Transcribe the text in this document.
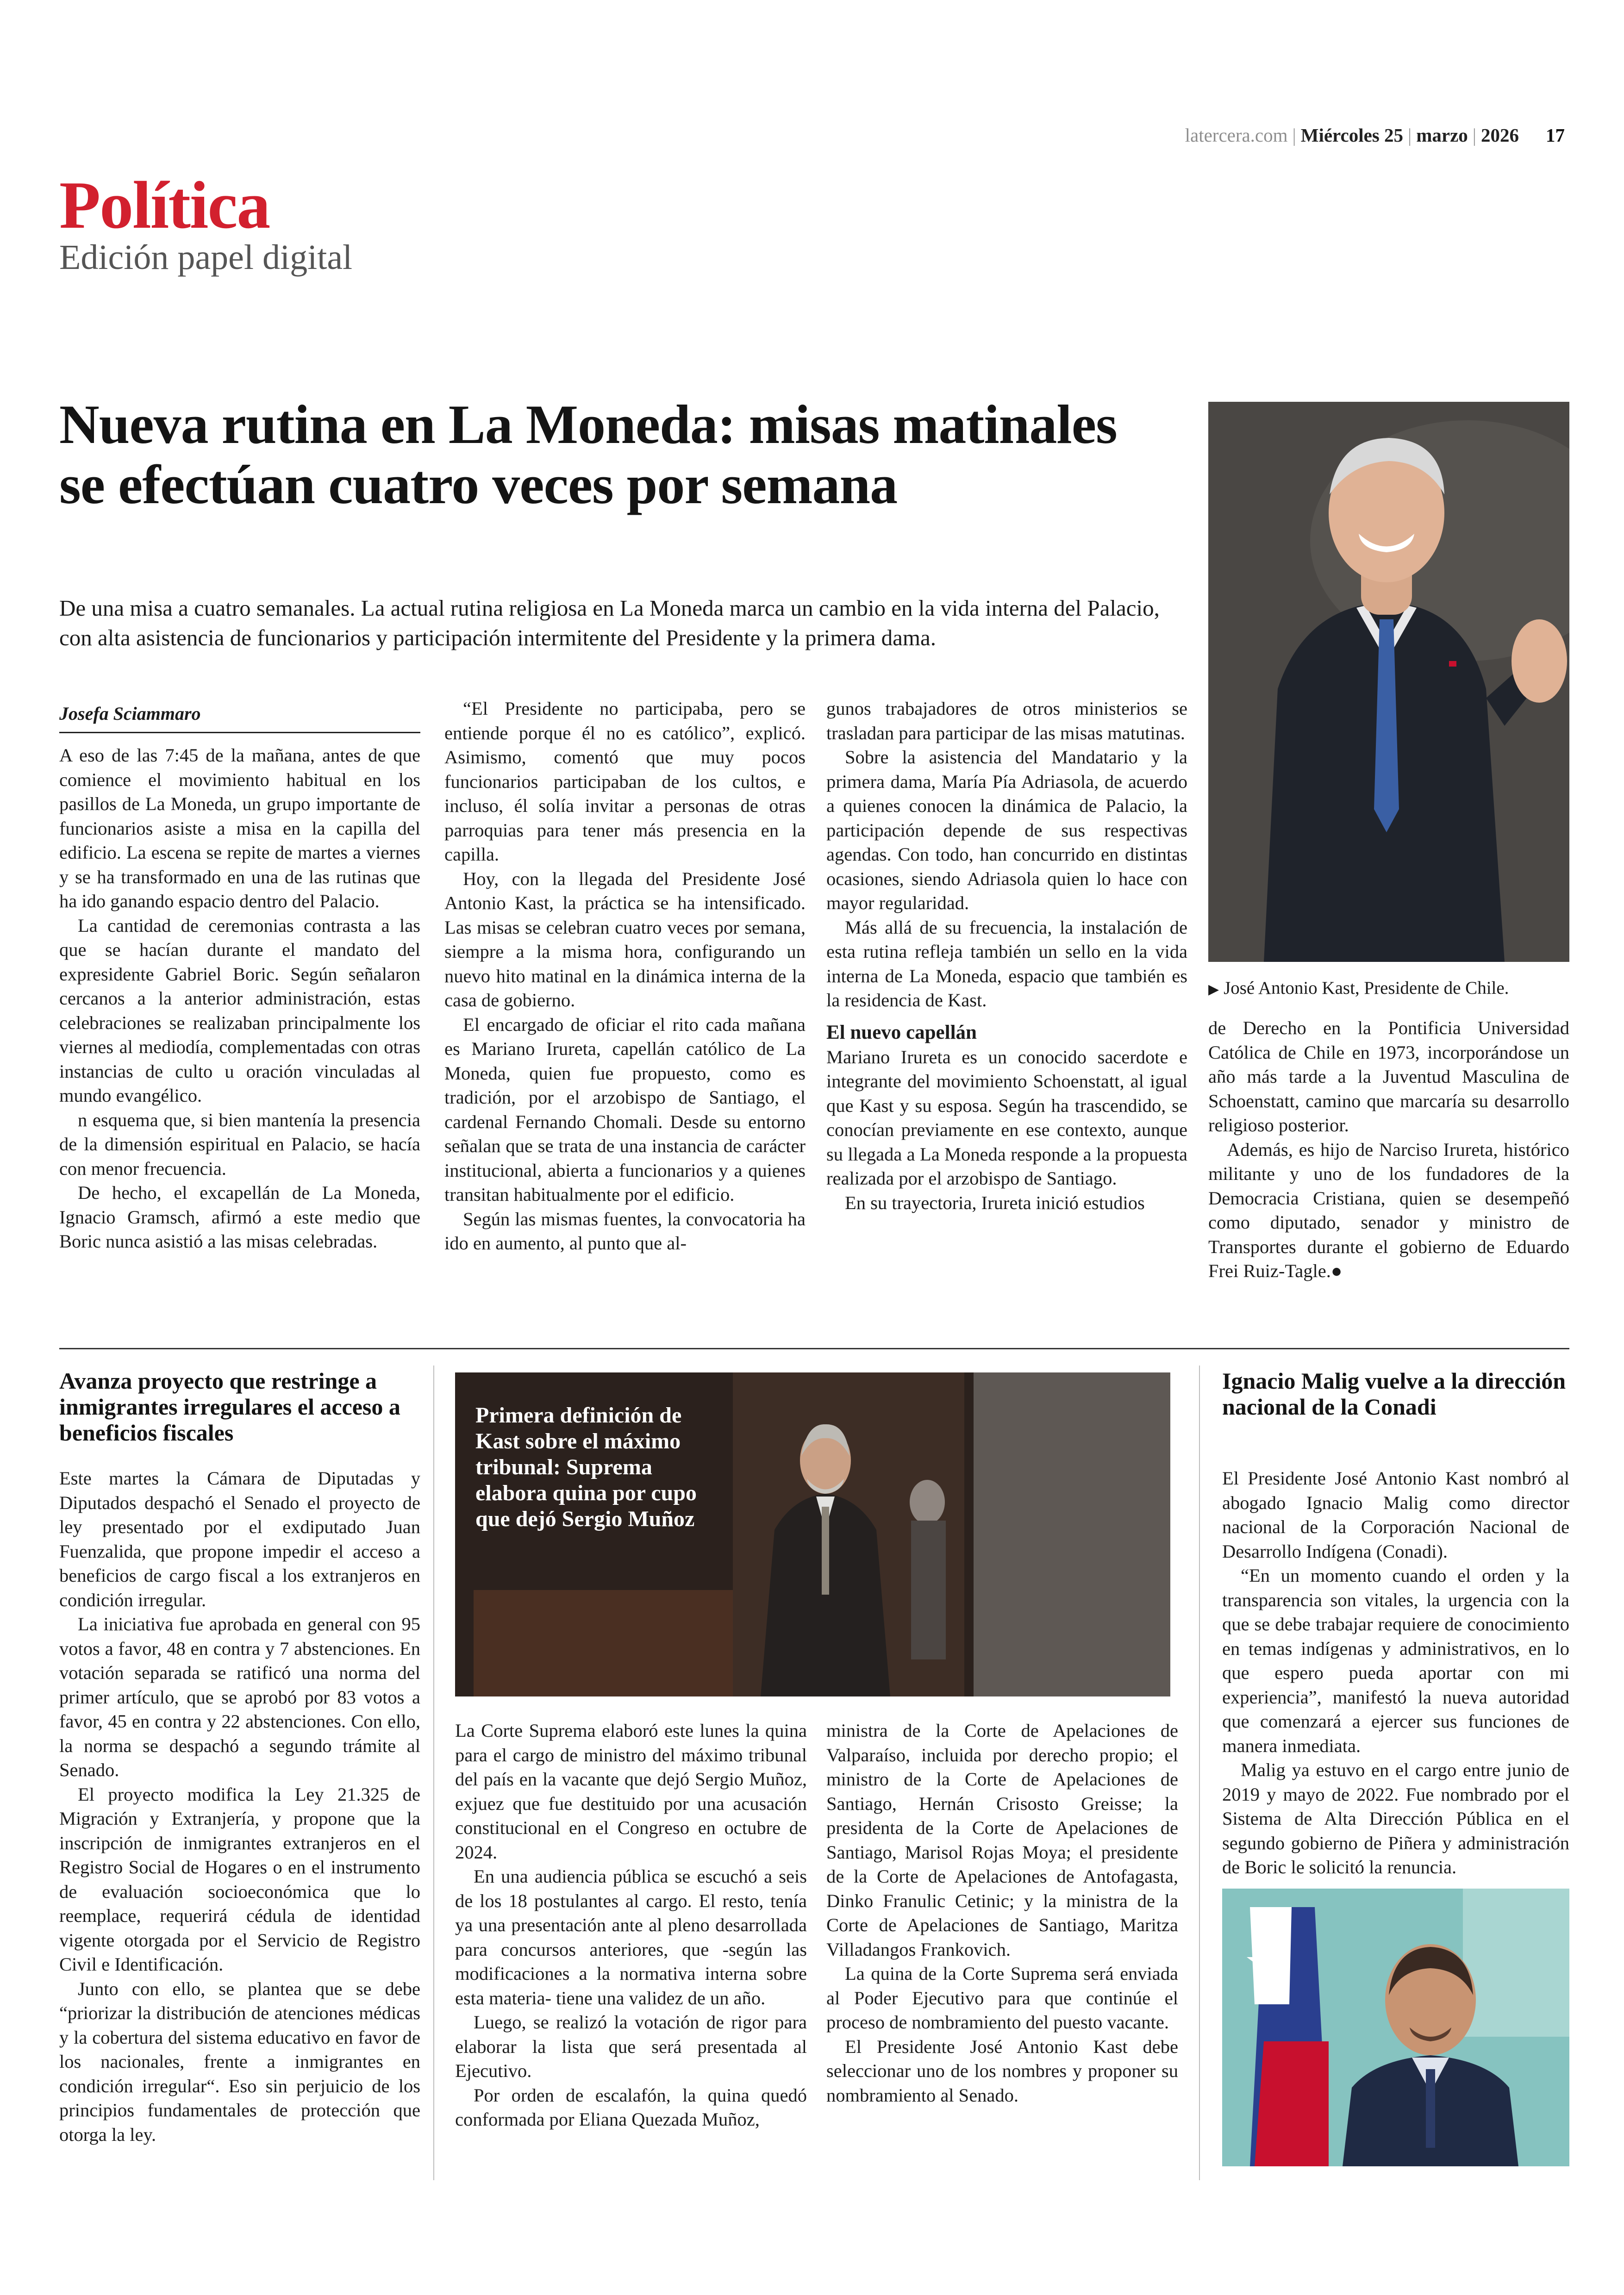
latercera.com | Miércoles 25 | marzo | 2026 17
Política
Edición papel digital
Nueva rutina en La Moneda: misas matinales se efectúan cuatro veces por semana
De una misa a cuatro semanales. La actual rutina religiosa en La Moneda marca un cambio en la vida interna del Palacio, con alta asistencia de funcionarios y participación intermitente del Presidente y la primera dama.
Josefa Sciammaro

A eso de las 7:45 de la mañana, antes de que comience el movimiento habitual en los pasillos de La Moneda, un grupo importante de funcionarios asiste a misa en la capilla del edificio. La escena se repite de martes a viernes y se ha transformado en una de las rutinas que ha ido ganando espacio dentro del Palacio.

La cantidad de ceremonias contrasta a las que se hacían durante el mandato del expresidente Gabriel Boric. Según señalaron cercanos a la anterior administración, estas celebraciones se realizaban principalmente los viernes al mediodía, complementadas con otras instancias de culto u oración vinculadas al mundo evangélico.

n esquema que, si bien mantenía la presencia de la dimensión espiritual en Palacio, se hacía con menor frecuencia.

De hecho, el excapellán de La Moneda, Ignacio Gramsch, afirmó a este medio que Boric nunca asistió a las misas celebradas.

“El Presidente no participaba, pero se entiende porque él no es católico”, explicó. Asimismo, comentó que muy pocos funcionarios participaban de los cultos, e incluso, él solía invitar a personas de otras parroquias para tener más presencia en la capilla.

Hoy, con la llegada del Presidente José Antonio Kast, la práctica se ha intensificado. Las misas se celebran cuatro veces por semana, siempre a la misma hora, configurando un nuevo hito matinal en la dinámica interna de la casa de gobierno.

El encargado de oficiar el rito cada mañana es Mariano Irureta, capellán católico de La Moneda, quien fue propuesto, como es tradición, por el arzobispo de Santiago, el cardenal Fernando Chomali. Desde su entorno señalan que se trata de una instancia de carácter institucional, abierta a funcionarios y a quienes transitan habitualmente por el edificio.

Según las mismas fuentes, la convocatoria ha ido en aumento, al punto que al-

gunos trabajadores de otros ministerios se trasladan para participar de las misas matutinas.

Sobre la asistencia del Mandatario y la primera dama, María Pía Adriasola, de acuerdo a quienes conocen la dinámica de Palacio, la participación depende de sus respectivas agendas. Con todo, han concurrido en distintas ocasiones, siendo Adriasola quien lo hace con mayor regularidad.

Más allá de su frecuencia, la instalación de esta rutina refleja también un sello en la vida interna de La Moneda, espacio que también es la residencia de Kast.

El nuevo capellán

Mariano Irureta es un conocido sacerdote e integrante del movimiento Schoenstatt, al igual que Kast y su esposa. Según ha trascendido, se conocían previamente en ese contexto, aunque su llegada a La Moneda responde a la propuesta realizada por el arzobispo de Santiago.

En su trayectoria, Irureta inició estudios

de Derecho en la Pontificia Universidad Católica de Chile en 1973, incorporándose un año más tarde a la Juventud Masculina de Schoenstatt, camino que marcaría su desarrollo religioso posterior.

Además, es hijo de Narciso Irureta, histórico militante y uno de los fundadores de la Democracia Cristiana, quien se desempeñó como diputado, senador y ministro de Transportes durante el gobierno de Eduardo Frei Ruiz-Tagle.●

▶ José Antonio Kast, Presidente de Chile.
Avanza proyecto que restringe a inmigrantes irregulares el acceso a beneficios fiscales

Este martes la Cámara de Diputadas y Diputados despachó el Senado el proyecto de ley presentado por el exdiputado Juan Fuenzalida, que propone impedir el acceso a beneficios de cargo fiscal a los extranjeros en condición irregular.

La iniciativa fue aprobada en general con 95 votos a favor, 48 en contra y 7 abstenciones. En votación separada se ratificó una norma del primer artículo, que se aprobó por 83 votos a favor, 45 en contra y 22 abstenciones. Con ello, la norma se despachó a segundo trámite al Senado.

El proyecto modifica la Ley 21.325 de Migración y Extranjería, y propone que la inscripción de inmigrantes extranjeros en el Registro Social de Hogares o en el instrumento de evaluación socioeconómica que lo reemplace, requerirá cédula de identidad vigente otorgada por el Servicio de Registro Civil e Identificación.

Junto con ello, se plantea que se debe “priorizar la distribución de atenciones médicas y la cobertura del sistema educativo en favor de los nacionales, frente a inmigrantes en condición irregular“. Eso sin perjuicio de los principios fundamentales de protección que otorga la ley.

Primera definición de Kast sobre el máximo tribunal: Suprema elabora quina por cupo que dejó Sergio Muñoz

La Corte Suprema elaboró este lunes la quina para el cargo de ministro del máximo tribunal del país en la vacante que dejó Sergio Muñoz, exjuez que fue destituido por una acusación constitucional en el Congreso en octubre de 2024.

En una audiencia pública se escuchó a seis de los 18 postulantes al cargo. El resto, tenía ya una presentación ante al pleno desarrollada para concursos anteriores, que -según las modificaciones a la normativa interna sobre esta materia- tiene una validez de un año.

Luego, se realizó la votación de rigor para elaborar la lista que será presentada al Ejecutivo.

Por orden de escalafón, la quina quedó conformada por Eliana Quezada Muñoz,

ministra de la Corte de Apelaciones de Valparaíso, incluida por derecho propio; el ministro de la Corte de Apelaciones de Santiago, Hernán Crisosto Greisse; la presidenta de la Corte de Apelaciones de Santiago, Marisol Rojas Moya; el presidente de la Corte de Apelaciones de Antofagasta, Dinko Franulic Cetinic; y la ministra de la Corte de Apelaciones de Santiago, Maritza Villadangos Frankovich.

La quina de la Corte Suprema será enviada al Poder Ejecutivo para que continúe el proceso de nombramiento del puesto vacante.

El Presidente José Antonio Kast debe seleccionar uno de los nombres y proponer su nombramiento al Senado.

Ignacio Malig vuelve a la dirección nacional de la Conadi

El Presidente José Antonio Kast nombró al abogado Ignacio Malig como director nacional de la Corporación Nacional de Desarrollo Indígena (Conadi).

“En un momento cuando el orden y la transparencia son vitales, la urgencia con la que se debe trabajar requiere de conocimiento en temas indígenas y administrativos, en lo que espero pueda aportar con mi experiencia”, manifestó la nueva autoridad que comenzará a ejercer sus funciones de manera inmediata.

Malig ya estuvo en el cargo entre junio de 2019 y mayo de 2022. Fue nombrado por el Sistema de Alta Dirección Pública en el segundo gobierno de Piñera y administración de Boric le solicitó la renuncia.
